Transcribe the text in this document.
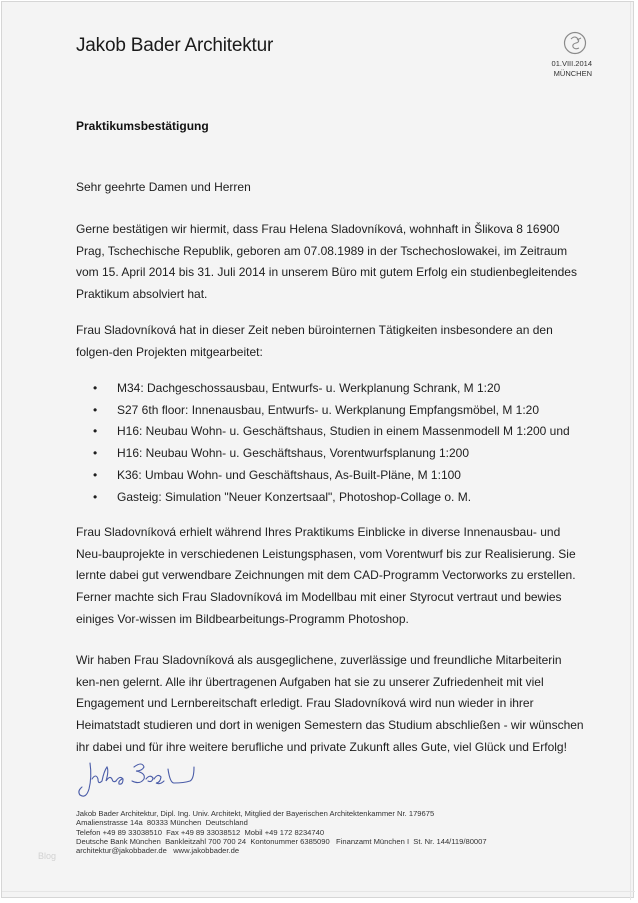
Jakob Bader Architektur
01.VIII.2014
MÜNCHEN
Praktikumsbestätigung
Sehr geehrte Damen und Herren
Gerne bestätigen wir hiermit, dass Frau Helena Sladovníková, wohnhaft in Šlikova 8 16900 Prag, Tschechische Republik, geboren am 07.08.1989 in der Tschechoslowakei, im Zeitraum vom 15. April 2014 bis 31. Juli 2014 in unserem Büro mit gutem Erfolg ein studienbegleitendes Praktikum absolviert hat.
Frau Sladovníková hat in dieser Zeit neben bürointernen Tätigkeiten insbesondere an den folgen-den Projekten mitgearbeitet:
• M34: Dachgeschossausbau, Entwurfs- u. Werkplanung Schrank, M 1:20
• S27 6th floor: Innenausbau, Entwurfs- u. Werkplanung Empfangsmöbel, M 1:20
• H16: Neubau Wohn- u. Geschäftshaus, Studien in einem Massenmodell M 1:200 und
• H16: Neubau Wohn- u. Geschäftshaus, Vorentwurfsplanung 1:200
• K36: Umbau Wohn- und Geschäftshaus, As-Built-Pläne, M 1:100
• Gasteig: Simulation "Neuer Konzertsaal", Photoshop-Collage o. M.
Frau Sladovníková erhielt während Ihres Praktikums Einblicke in diverse Innenausbau- und Neu-bauprojekte in verschiedenen Leistungsphasen, vom Vorentwurf bis zur Realisierung. Sie lernte dabei gut verwendbare Zeichnungen mit dem CAD-Programm Vectorworks zu erstellen. Ferner machte sich Frau Sladovníková im Modellbau mit einer Styrocut vertraut und bewies einiges Vor-wissen im Bildbearbeitungs-Programm Photoshop.
Wir haben Frau Sladovníková als ausgeglichene, zuverlässige und freundliche Mitarbeiterin ken-nen gelernt. Alle ihr übertragenen Aufgaben hat sie zu unserer Zufriedenheit mit viel Engagement und Lernbereitschaft erledigt. Frau Sladovníková wird nun wieder in ihrer Heimatstadt studieren und dort in wenigen Semestern das Studium abschließen - wir wünschen ihr dabei und für ihre weitere berufliche und private Zukunft alles Gute, viel Glück und Erfolg!
Jakob Bader Architektur, Dipl. Ing. Univ. Architekt, Mitglied der Bayerischen Architektenkammer Nr. 179675
Amalienstrasse 14a  80333 München  Deutschland
Telefon +49 89 33038510  Fax +49 89 33038512  Mobil +49 172 8234740
Deutsche Bank München  Bankleitzahl 700 700 24  Kontonummer 6385090   Finanzamt München I  St. Nr. 144/119/80007
architektur@jakobbader.de   www.jakobbader.de
Blog
